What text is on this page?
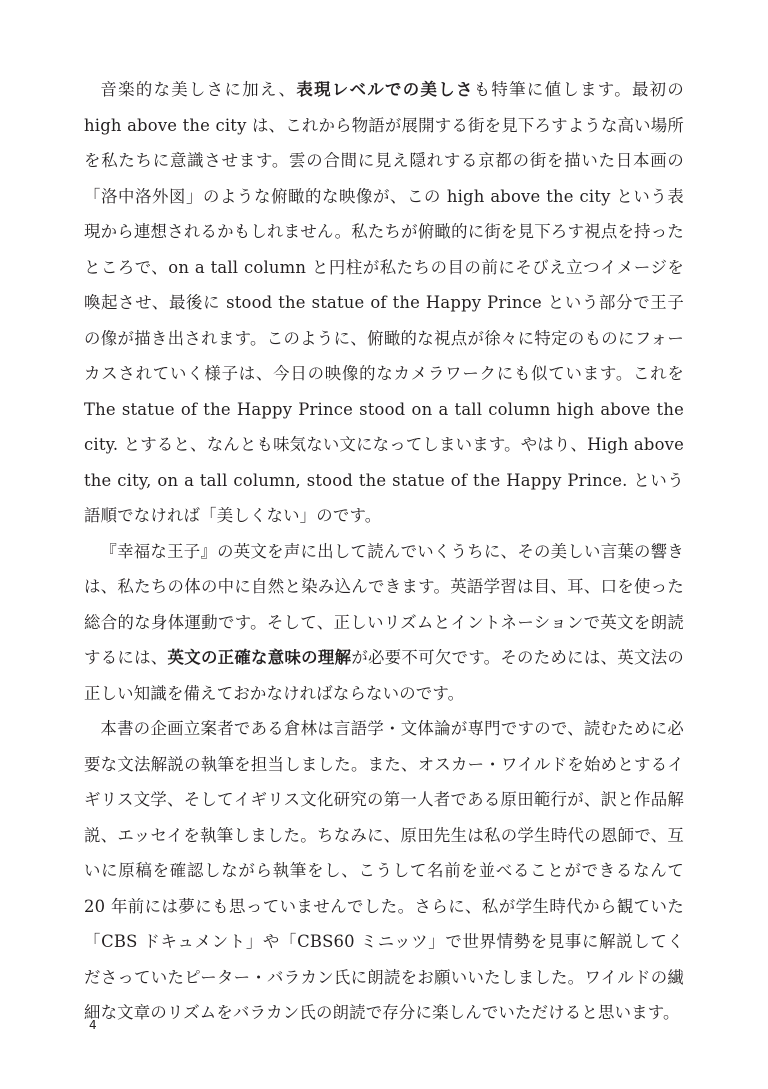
音楽的な美しさに加え、表現レベルでの美しさも特筆に値します。最初の high above the city は、これから物語が展開する街を見下ろすような高い場所を私たちに意識させます。雲の合間に見え隠れする京都の街を描いた日本画の「洛中洛外図」のような俯瞰的な映像が、この high above the city という表現から連想されるかもしれません。私たちが俯瞰的に街を見下ろす視点を持ったところで、on a tall column と円柱が私たちの目の前にそびえ立つイメージを喚起させ、最後に stood the statue of the Happy Prince という部分で王子の像が描き出されます。このように、俯瞰的な視点が徐々に特定のものにフォーカスされていく様子は、今日の映像的なカメラワークにも似ています。これを The statue of the Happy Prince stood on a tall column high above the city. とすると、なんとも味気ない文になってしまいます。やはり、High above the city, on a tall column, stood the statue of the Happy Prince. という語順でなければ「美しくない」のです。

『幸福な王子』の英文を声に出して読んでいくうちに、その美しい言葉の響きは、私たちの体の中に自然と染み込んできます。英語学習は目、耳、口を使った総合的な身体運動です。そして、正しいリズムとイントネーションで英文を朗読するには、英文の正確な意味の理解が必要不可欠です。そのためには、英文法の正しい知識を備えておかなければならないのです。

本書の企画立案者である倉林は言語学・文体論が専門ですので、読むために必要な文法解説の執筆を担当しました。また、オスカー・ワイルドを始めとするイギリス文学、そしてイギリス文化研究の第一人者である原田範行が、訳と作品解説、エッセイを執筆しました。ちなみに、原田先生は私の学生時代の恩師で、互いに原稿を確認しながら執筆をし、こうして名前を並べることができるなんて 20 年前には夢にも思っていませんでした。さらに、私が学生時代から観ていた「CBS ドキュメント」や「CBS60 ミニッツ」で世界情勢を見事に解説してくださっていたピーター・バラカン氏に朗読をお願いいたしました。ワイルドの繊細な文章のリズムをバラカン氏の朗読で存分に楽しんでいただけると思います。

4
